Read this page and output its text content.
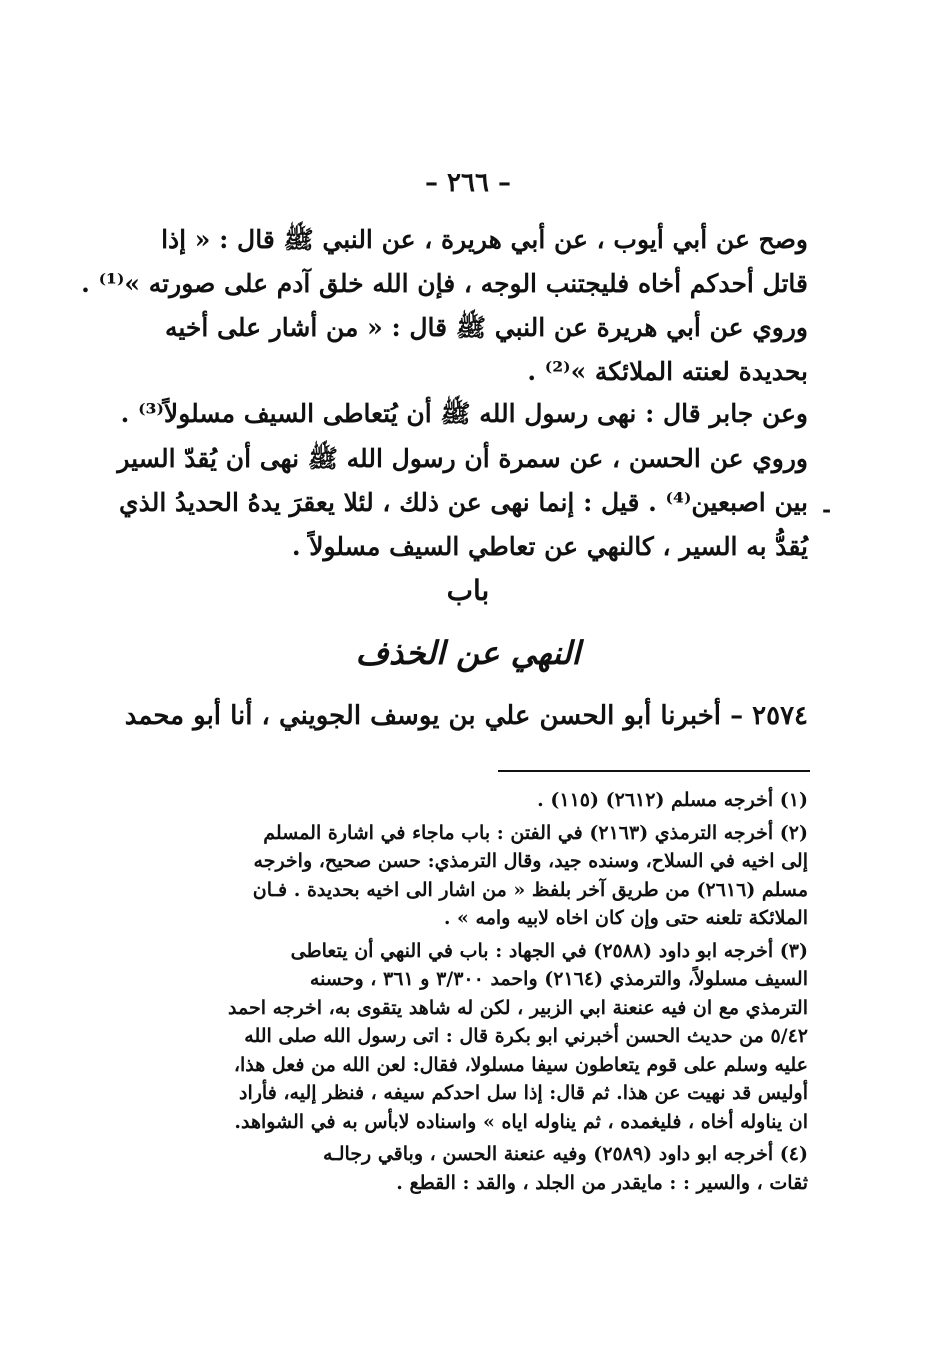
– ٢٦٦ –
وصح عن أبي أيوب ، عن أبي هريرة ، عن النبي ﷺ قال : « إذا
قاتل أحدكم أخاه فليجتنب الوجه ، فإن الله خلق آدم على صورته »⁽¹⁾ .
وروي عن أبي هريرة عن النبي ﷺ قال : « من أشار على أخيه
بحديدة لعنته الملائكة »⁽²⁾ .
وعن جابر قال : نهى رسول الله ﷺ أن يُتعاطى السيف مسلولاً⁽³⁾ .
وروي عن الحسن ، عن سمرة أن رسول الله ﷺ نهى أن يُقدّ السير
بين اصبعين⁽⁴⁾ . قيل : إنما نهى عن ذلك ، لئلا يعقرَ يدهُ الحديدُ الذي
يُقدُّ به السير ، كالنهي عن تعاطي السيف مسلولاً .
-
باب
النهي عن الخذف
٢٥٧٤ – أخبرنا أبو الحسن علي بن يوسف الجويني ، أنا أبو محمد
(١) أخرجه مسلم (٢٦١٢) (١١٥) .
(٢) أخرجه الترمذي (٢١٦٣) في الفتن : باب ماجاء في اشارة المسلم
إلى اخيه في السلاح، وسنده جيد، وقال الترمذي: حسن صحيح، واخرجه
مسلم (٢٦١٦) من طريق آخر بلفظ « من اشار الى اخيه بحديدة . فـان
الملائكة تلعنه حتى وإن كان اخاه لابيه وامه » .
(٣) أخرجه ابو داود (٢٥٨٨) في الجهاد : باب في النهي أن يتعاطى
السيف مسلولاً، والترمذي (٢١٦٤) واحمد ٣/٣٠٠ و ٣٦١ ، وحسنه
الترمذي مع ان فيه عنعنة ابي الزبير ، لكن له شاهد يتقوى به، اخرجه احمد
٥/٤٢ من حديث الحسن أخبرني ابو بكرة قال : اتى رسول الله صلى الله
عليه وسلم على قوم يتعاطون سيفا مسلولا، فقال: لعن الله من فعل هذا،
أوليس قد نهيت عن هذا. ثم قال: إذا سل احدكم سيفه ، فنظر إليه، فأراد
ان يناوله أخاه ، فليغمده ، ثم يناوله اياه » واسناده لابأس به في الشواهد.
(٤) أخرجه ابو داود (٢٥٨٩) وفيه عنعنة الحسن ، وباقي رجالـه
ثقات ، والسير : : مايقدر من الجلد ، والقد : القطع .
